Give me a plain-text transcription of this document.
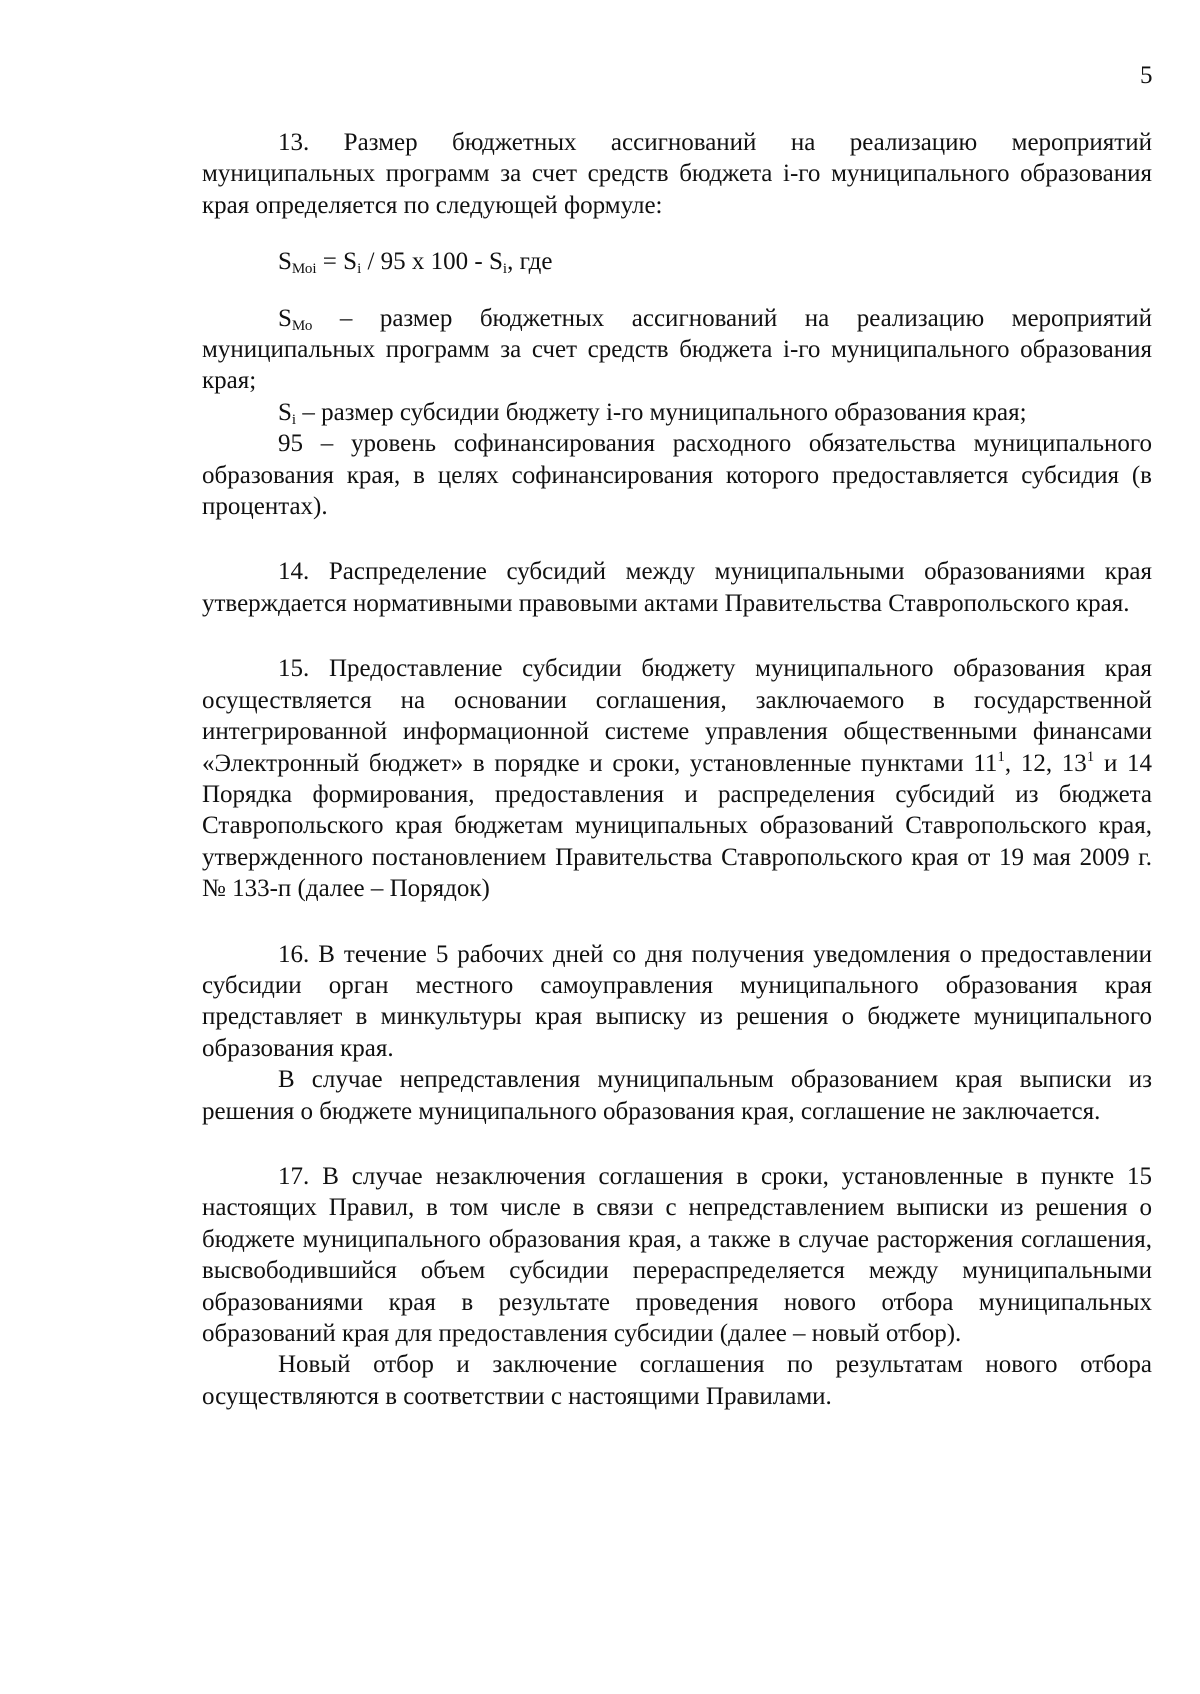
5

13. Размер бюджетных ассигнований на реализацию мероприятий муниципальных программ за счет средств бюджета i-го муниципального образования края определяется по следующей формуле:

$S_{Моi} = S_i / 95$ х $100 - S_i$, где

$S_{Мо}$ – размер бюджетных ассигнований на реализацию мероприятий муниципальных программ за счет средств бюджета i-го муниципального образования края;

$S_i$ – размер субсидии бюджету i-го муниципального образования края;

95 – уровень софинансирования расходного обязательства муниципального образования края, в целях софинансирования которого предоставляется субсидия (в процентах).

14. Распределение субсидий между муниципальными образованиями края утверждается нормативными правовыми актами Правительства Ставропольского края.

15. Предоставление субсидии бюджету муниципального образования края осуществляется на основании соглашения, заключаемого в государственной интегрированной информационной системе управления общественными финансами «Электронный бюджет» в порядке и сроки, установленные пунктами $11^1$, 12, $13^1$ и 14 Порядка формирования, предоставления и распределения субсидий из бюджета Ставропольского края бюджетам муниципальных образований Ставропольского края, утвержденного постановлением Правительства Ставропольского края от 19 мая 2009 г. № 133-п (далее – Порядок)

16. В течение 5 рабочих дней со дня получения уведомления о предоставлении субсидии орган местного самоуправления муниципального образования края представляет в минкультуры края выписку из решения о бюджете муниципального образования края.

В случае непредставления муниципальным образованием края выписки из решения о бюджете муниципального образования края, соглашение не заключается.

17. В случае незаключения соглашения в сроки, установленные в пункте 15 настоящих Правил, в том числе в связи с непредставлением выписки из решения о бюджете муниципального образования края, а также в случае расторжения соглашения, высвободившийся объем субсидии перераспределяется между муниципальными образованиями края в результате проведения нового отбора муниципальных образований края для предоставления субсидии (далее – новый отбор).

Новый отбор и заключение соглашения по результатам нового отбора осуществляются в соответствии с настоящими Правилами.
